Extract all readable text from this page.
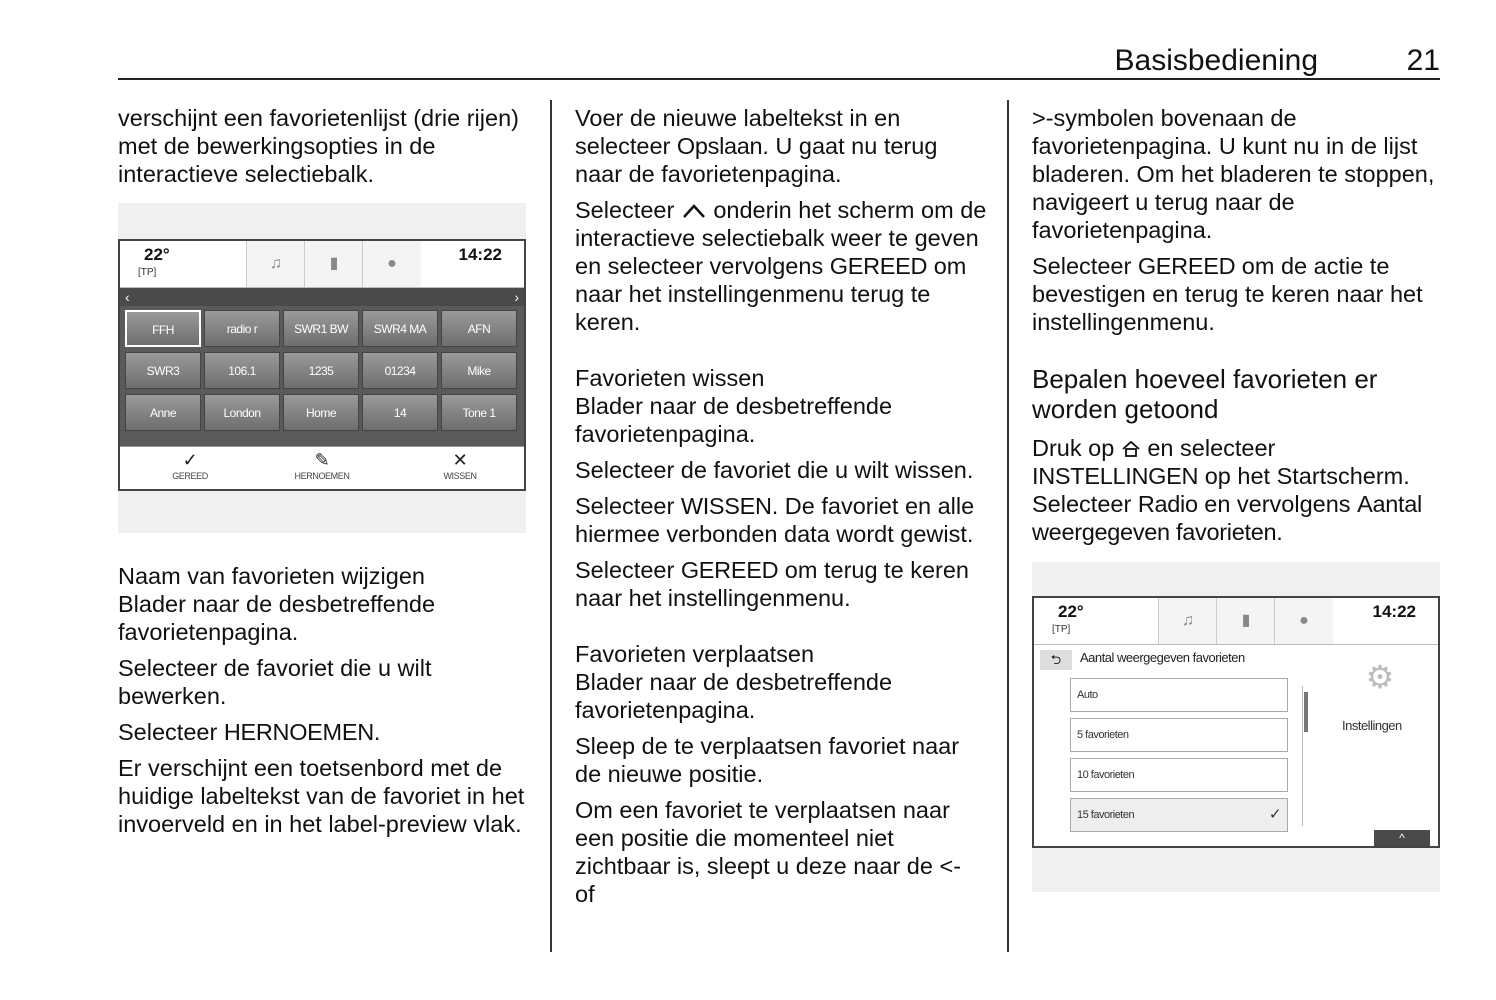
Basisbediening	21

verschijnt een favorietenlijst (drie rijen) met de bewerkingsopties in de interactieve selectiebalk.

22°
[TP]
♫	▮	●	14:22
‹	›
FFH	radio r	SWR1 BW	SWR4 MA	AFN
SWR3	106.1	1235	01234	Mike
Anne	London	Home	14	Tone 1
✓
GEREED
✎
HERNOEMEN
✕
WISSEN
Naam van favorieten wijzigen

Blader naar de desbetreffende favorietenpagina.

Selecteer de favoriet die u wilt bewerken.

Selecteer HERNOEMEN.

Er verschijnt een toetsenbord met de huidige labeltekst van de favoriet in het invoerveld en in het label-preview vlak.

Voer de nieuwe labeltekst in en selecteer Opslaan. U gaat nu terug naar de favorietenpagina.

Selecteer  onderin het scherm om de interactieve selectiebalk weer te geven en selecteer vervolgens GEREED om naar het instellingenmenu terug te keren.

Favorieten wissen

Blader naar de desbetreffende favorietenpagina.

Selecteer de favoriet die u wilt wissen.

Selecteer WISSEN. De favoriet en alle hiermee verbonden data wordt gewist.

Selecteer GEREED om terug te keren naar het instellingenmenu.

Favorieten verplaatsen

Blader naar de desbetreffende favorietenpagina.

Sleep de te verplaatsen favoriet naar de nieuwe positie.

Om een favoriet te verplaatsen naar een positie die momenteel niet zichtbaar is, sleept u deze naar de <- of

>-symbolen bovenaan de favorietenpagina. U kunt nu in de lijst bladeren. Om het bladeren te stoppen, navigeert u terug naar de favorietenpagina.

Selecteer GEREED om de actie te bevestigen en terug te keren naar het instellingenmenu.

Bepalen hoeveel favorieten er worden getoond

Druk op  en selecteer INSTELLINGEN op het Startscherm. Selecteer Radio en vervolgens Aantal weergegeven favorieten.

22°
[TP]
♫	▮	●	14:22
⮌	Aantal weergegeven favorieten
Auto
5 favorieten
10 favorieten
15 favorieten	✓
⚙
Instellingen
^
